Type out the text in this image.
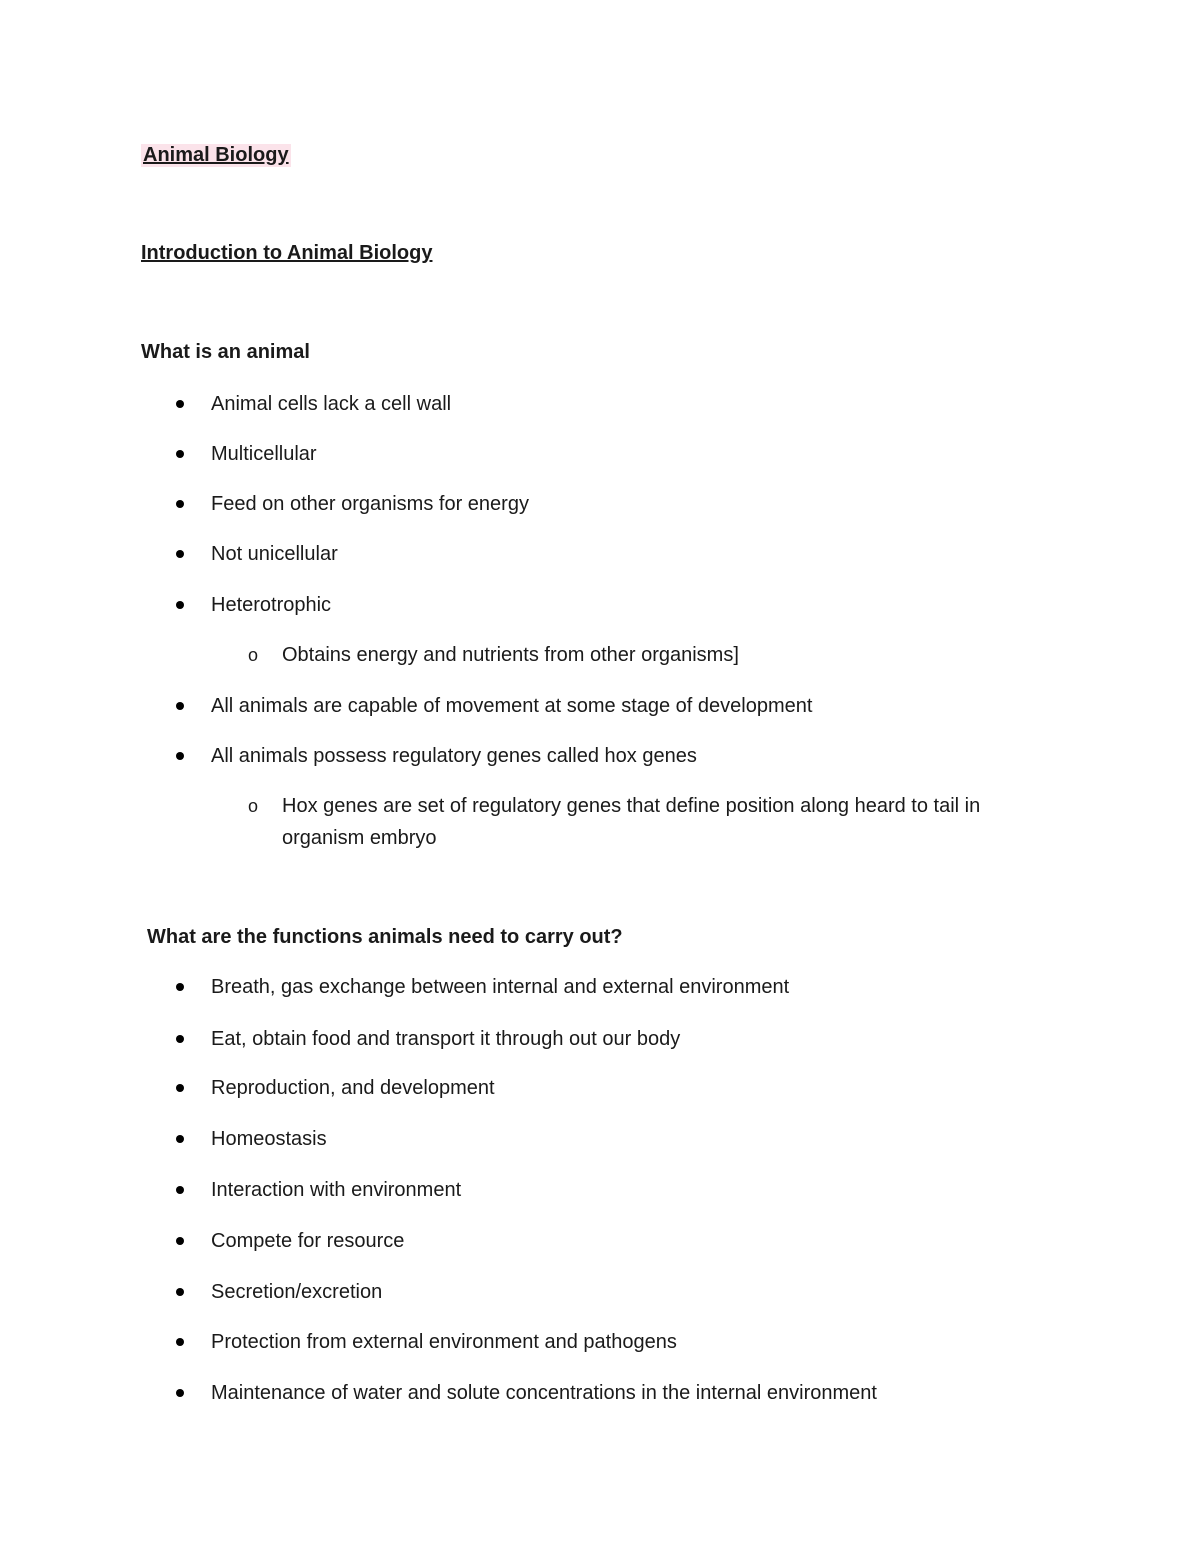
Animal Biology
Introduction to Animal Biology
What is an animal
Animal cells lack a cell wall
Multicellular
Feed on other organisms for energy
Not unicellular
Heterotrophic
o	Obtains energy and nutrients from other organisms]
All animals are capable of movement at some stage of development
All animals possess regulatory genes called hox genes
o	Hox genes are set of regulatory genes that define position along heard to tail in organism embryo
What are the functions animals need to carry out?
Breath, gas exchange between internal and external environment
Eat, obtain food and transport it through out our body
Reproduction, and development
Homeostasis
Interaction with environment
Compete for resource
Secretion/excretion
Protection from external environment and pathogens
Maintenance of water and solute concentrations in the internal environment
